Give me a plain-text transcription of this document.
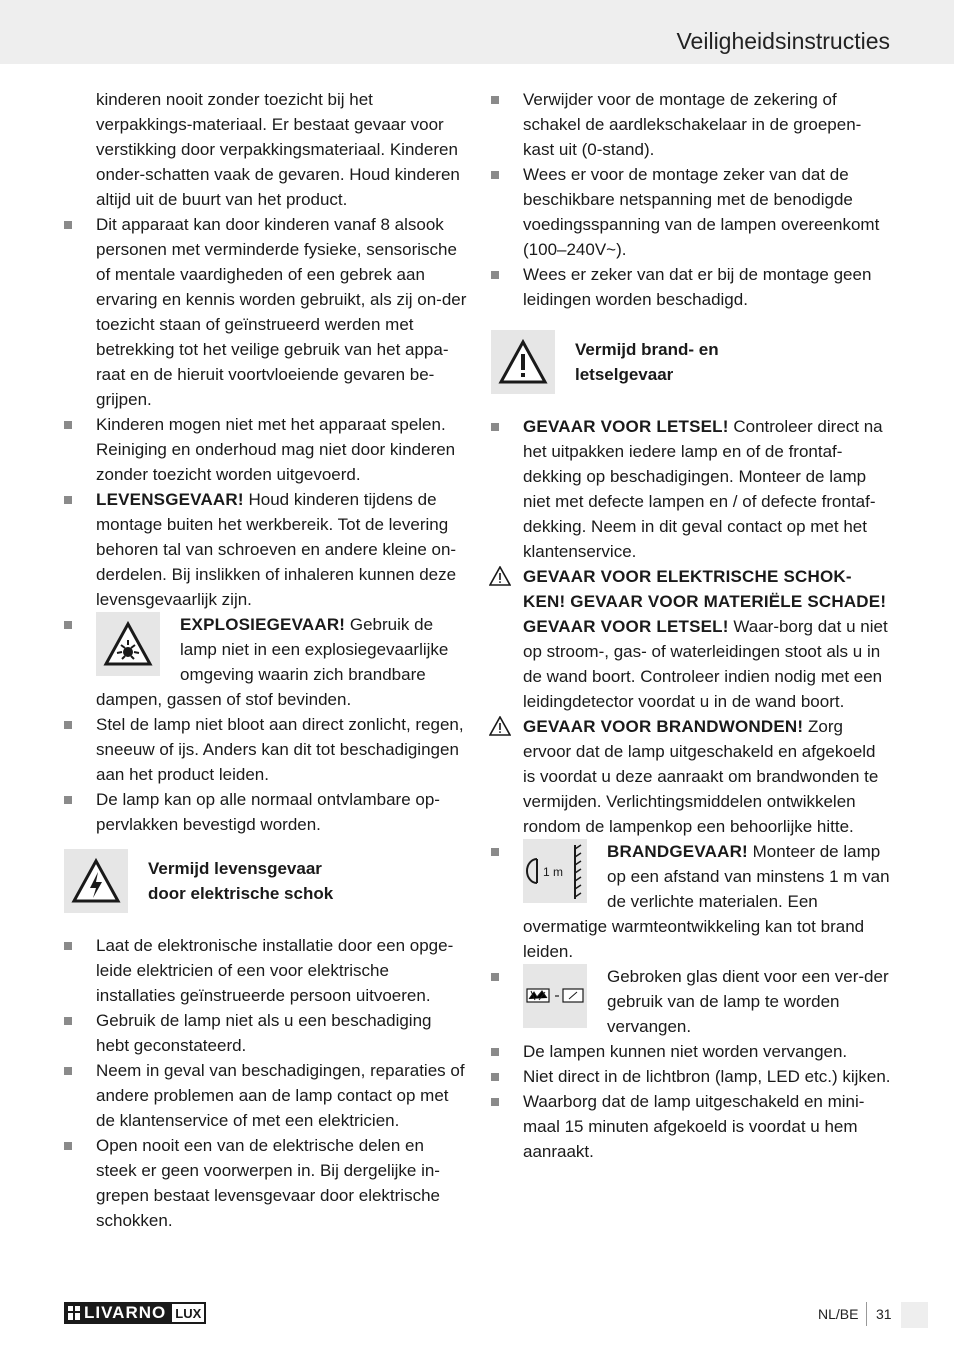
Veiligheidsinstructies

kinderen nooit zonder toezicht bij het verpakkings-materiaal. Er bestaat gevaar voor verstikking door verpakkingsmateriaal. Kinderen onder-schatten vaak de gevaren. Houd kinderen altijd uit de buurt van het product.

Dit apparaat kan door kinderen vanaf 8 alsook personen met verminderde fysieke, sensorische of mentale vaardigheden of een gebrek aan ervaring en kennis worden gebruikt, als zij on-der toezicht staan of geïnstrueerd werden met betrekking tot het veilige gebruik van het appa-raat en de hieruit voortvloeiende gevaren be-grijpen.

Kinderen mogen niet met het apparaat spelen. Reiniging en onderhoud mag niet door kinderen zonder toezicht worden uitgevoerd.

LEVENSGEVAAR! Houd kinderen tijdens de montage buiten het werkbereik. Tot de levering behoren tal van schroeven en andere kleine on-derdelen. Bij inslikken of inhaleren kunnen deze levensgevaarlijk zijn.

EXPLOSIEGEVAAR! Gebruik de lamp niet in een explosiegevaarlijke omgeving waarin zich brandbare dampen, gassen of stof bevinden.

Stel de lamp niet bloot aan direct zonlicht, regen, sneeuw of ijs. Anders kan dit tot beschadigingen aan het product leiden.

De lamp kan op alle normaal ontvlambare op-pervlakken bevestigd worden.

Vermijd levensgevaar
door elektrische schok

Laat de elektronische installatie door een opge-leide elektricien of een voor elektrische installaties geïnstrueerde persoon uitvoeren.

Gebruik de lamp niet als u een beschadiging hebt geconstateerd.

Neem in geval van beschadigingen, reparaties of andere problemen aan de lamp contact op met de klantenservice of met een elektricien.

Open nooit een van de elektrische delen en steek er geen voorwerpen in. Bij dergelijke in-grepen bestaat levensgevaar door elektrische schokken.

Verwijder voor de montage de zekering of schakel de aardlekschakelaar in de groepen-kast uit (0-stand).

Wees er voor de montage zeker van dat de beschikbare netspanning met de benodigde voedingsspanning van de lampen overeenkomt (100–240V~).

Wees er zeker van dat er bij de montage geen leidingen worden beschadigd.

Vermijd brand- en
letselgevaar

GEVAAR VOOR LETSEL! Controleer direct na het uitpakken iedere lamp en of de frontaf-dekking op beschadigingen. Monteer de lamp niet met defecte lampen en / of defecte frontaf-dekking. Neem in dit geval contact op met het klantenservice.

GEVAAR VOOR ELEKTRISCHE SCHOK-KEN! GEVAAR VOOR MATERIËLE SCHADE! GEVAAR VOOR LETSEL! Waar-borg dat u niet op stroom-, gas- of waterleidingen stoot als u in de wand boort. Controleer indien nodig met een leidingdetector voordat u in de wand boort.

GEVAAR VOOR BRANDWONDEN! Zorg ervoor dat de lamp uitgeschakeld en afgekoeld is voordat u deze aanraakt om brandwonden te vermijden. Verlichtingsmiddelen ontwikkelen rondom de lampenkop een behoorlijke hitte.

1 m
BRANDGEVAAR! Monteer de lamp op een afstand van minstens 1 m van de verlichte materialen. Een overmatige warmteontwikkeling kan tot brand leiden.
Gebroken glas dient voor een ver-der gebruik van de lamp te worden vervangen.

De lampen kunnen niet worden vervangen.

Niet direct in de lichtbron (lamp, LED etc.) kijken.

Waarborg dat de lamp uitgeschakeld en mini-maal 15 minuten afgekoeld is voordat u hem aanraakt.

LIVARNO LUX	NL/BE 31
